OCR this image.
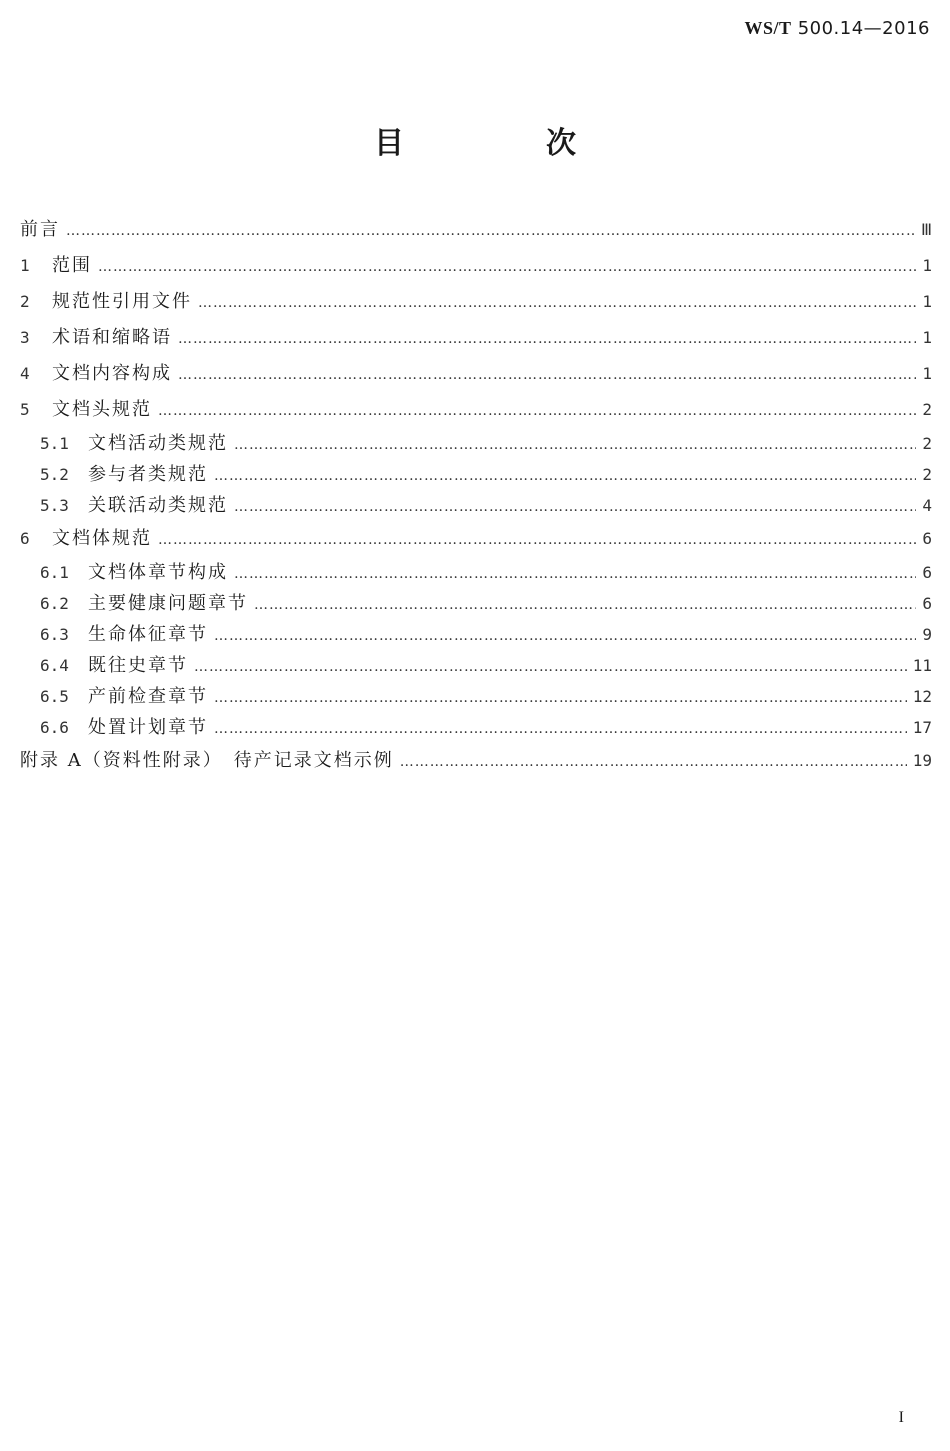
WS/T 500.14—2016
目　次
前言 …………………………………………………………………………………………………………………………………………………………………………………………………………………………………	Ⅲ
1	范围 …………………………………………………………………………………………………………………………………………………………………………………………………………………………………	1
2	规范性引用文件 …………………………………………………………………………………………………………………………………………………………………………………………………………………………………	1
3	术语和缩略语 …………………………………………………………………………………………………………………………………………………………………………………………………………………………………	1
4	文档内容构成 …………………………………………………………………………………………………………………………………………………………………………………………………………………………………	1
5	文档头规范 …………………………………………………………………………………………………………………………………………………………………………………………………………………………………	2
5.1	文档活动类规范 …………………………………………………………………………………………………………………………………………………………………………………………………………………………………	2
5.2	参与者类规范 …………………………………………………………………………………………………………………………………………………………………………………………………………………………………	2
5.3	关联活动类规范 …………………………………………………………………………………………………………………………………………………………………………………………………………………………………	4
6	文档体规范 …………………………………………………………………………………………………………………………………………………………………………………………………………………………………	6
6.1	文档体章节构成 …………………………………………………………………………………………………………………………………………………………………………………………………………………………………	6
6.2	主要健康问题章节 …………………………………………………………………………………………………………………………………………………………………………………………………………………………………	6
6.3	生命体征章节 …………………………………………………………………………………………………………………………………………………………………………………………………………………………………	9
6.4	既往史章节 …………………………………………………………………………………………………………………………………………………………………………………………………………………………………	11
6.5	产前检查章节 …………………………………………………………………………………………………………………………………………………………………………………………………………………………………	12
6.6	处置计划章节 …………………………………………………………………………………………………………………………………………………………………………………………………………………………………	17
附录 A（资料性附录）　待产记录文档示例 …………………………………………………………………………………………………………………………………………………………………………………………………………………………………	19
I
